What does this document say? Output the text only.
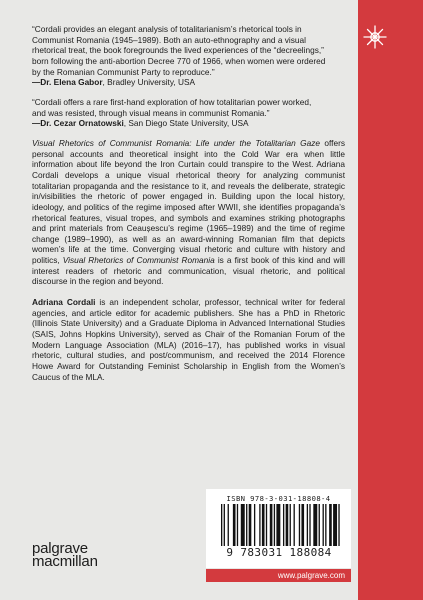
“Cordali provides an elegant analysis of totalitarianism’s rhetorical tools in
Communist Romania (1945–1989). Both an auto-ethnography and a visual
rhetorical treat, the book foregrounds the lived experiences of the “decreelings,”
born following the anti-abortion Decree 770 of 1966, when women were ordered
by the Romanian Communist Party to reproduce.”
—Dr. Elena Gabor, Bradley University, USA
“Cordali offers a rare first-hand exploration of how totalitarian power worked,
and was resisted, through visual means in communist Romania.”
—Dr. Cezar Ornatowski, San Diego State University, USA

Visual Rhetorics of Communist Romania: Life under the Totalitarian Gaze offers personal accounts and theoretical insight into the Cold War era when little information about life beyond the Iron Curtain could transpire to the West. Adriana Cordali develops a unique visual rhetorical theory for analyzing communist totalitarian propaganda and the resistance to it, and reveals the deliberate, strategic in/visibilities the rhetoric of power engaged in. Building upon the local history, ideology, and politics of the regime imposed after WWII, she identifies propaganda’s rhetorical features, visual tropes, and symbols and examines striking photographs and print materials from Ceaușescu’s regime (1965–1989) and the time of regime change (1989–1990), as well as an award-winning Romanian film that depicts women’s life at the time. Converging visual rhetoric and culture with history and politics, Visual Rhetorics of Communist Romania is a first book of this kind and will interest readers of rhetoric and communication, visual rhetoric, and political discourse in the region and beyond.

Adriana Cordali is an independent scholar, professor, technical writer for federal agencies, and article editor for academic publishers. She has a PhD in Rhetoric (Illinois State University) and a Graduate Diploma in Advanced International Studies (SAIS, Johns Hopkins University), served as Chair of the Romanian Forum of the Modern Language Association (MLA) (2016–17), has published works in visual rhetoric, cultural studies, and post/communism, and received the 2014 Florence Howe Award for Outstanding Feminist Scholarship in English from the Women’s Caucus of the MLA.

ISBN 978-3-031-18808-4
9 783031 188084
www.palgrave.com
palgrave
macmillan
